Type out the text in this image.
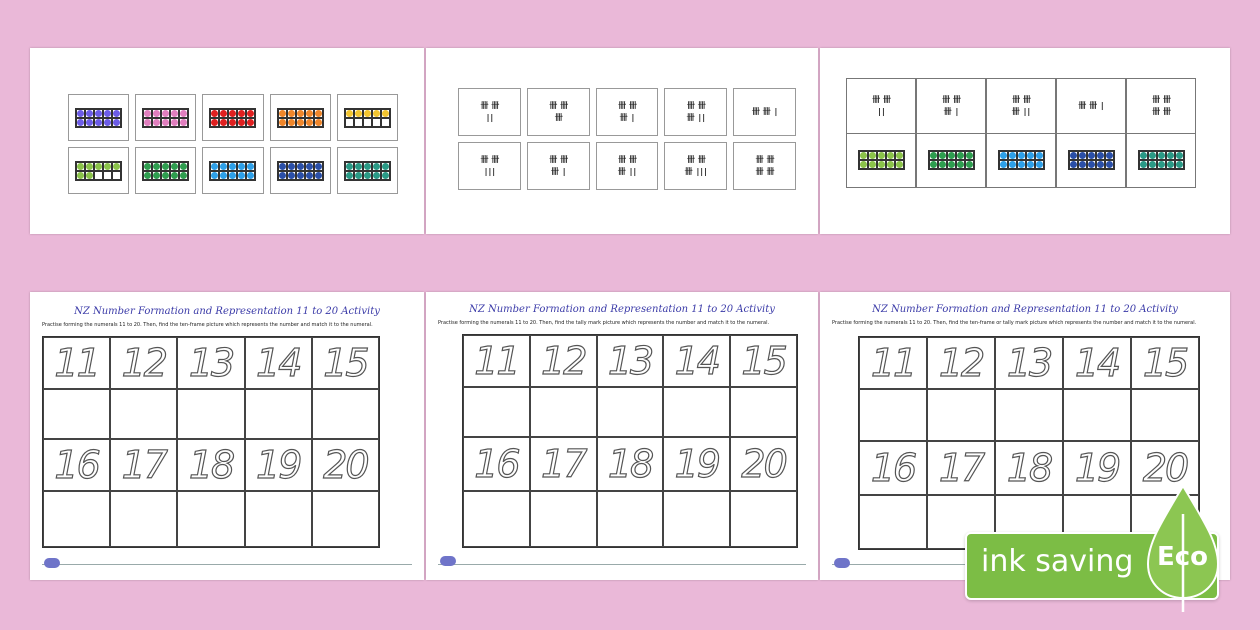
卌 卌
||
卌 卌
卌
卌 卌
卌 |
卌 卌
卌 ||
卌 卌 |
卌 卌
|||
卌 卌
卌 |
卌 卌
卌 ||
卌 卌
卌 |||
卌 卌
卌 卌
卌 卌
||
卌 卌
卌 |
卌 卌
卌 ||
卌 卌 |
卌 卌
卌 卌
NZ Number Formation and Representation 11 to 20 Activity
Practise forming the numerals 11 to 20. Then, find the ten-frame picture which represents the number and match it to the numeral.
11 12 13 14 15
16 17 18 19 20
NZ Number Formation and Representation 11 to 20 Activity
Practise forming the numerals 11 to 20. Then, find the tally mark picture which represents the number and match it to the numeral.
11 12 13 14 15
16 17 18 19 20
NZ Number Formation and Representation 11 to 20 Activity
Practise forming the numerals 11 to 20. Then, find the ten-frame or tally mark picture which represents the number and match it to the numeral.
11 12 13 14 15
16 17 18 19 20
ink saving Eco
